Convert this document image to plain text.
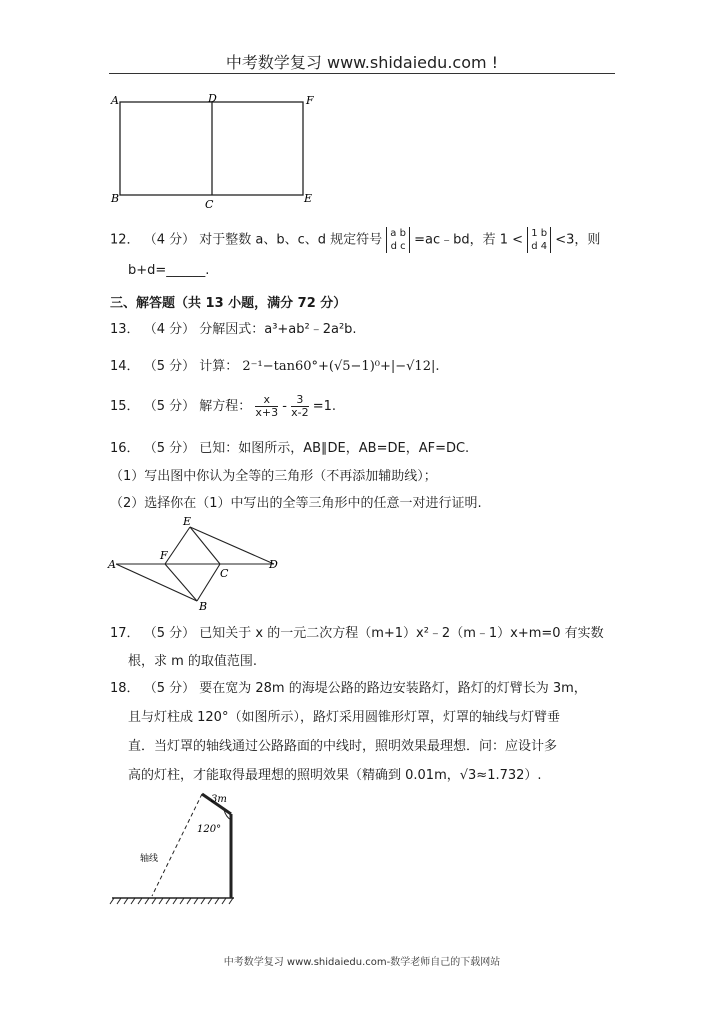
中考数学复习 www.shidaiedu.com !
A	D	F
B	C	E
12． （4 分） 对于整数 a、b、c、d 规定符号 a b
d c =ac﹣bd，若 1 < 1 b
d 4 <3，则
b+d=______.
三、解答题（共 13 小题，满分 72 分）
13． （4 分） 分解因式：a³+ab²﹣2a²b.
14． （5 分） 计算： 2⁻¹−tan60°+(√5−1)⁰+|−√12|.
15． （5 分） 解方程： $\frac{x}{x+3} - \frac{3}{x-2} =1$.
16． （5 分） 已知：如图所示，AB∥DE，AB=DE，AF=DC.
（1）写出图中你认为全等的三角形（不再添加辅助线）；
（2）选择你在（1）中写出的全等三角形中的任意一对进行证明.
A
B
C
D
E
F
17． （5 分） 已知关于 x 的一元二次方程（m+1）x²﹣2（m﹣1）x+m=0 有实数
根，求 m 的取值范围.
18． （5 分） 要在宽为 28m 的海堤公路的路边安装路灯，路灯的灯臂长为 3m，
且与灯柱成 120°（如图所示），路灯采用圆锥形灯罩，灯罩的轴线与灯臂垂
直．当灯罩的轴线通过公路路面的中线时，照明效果最理想．问：应设计多
高的灯柱，才能取得最理想的照明效果（精确到 0.01m，√3≈1.732）.
3m
120°
轴线
中考数学复习 www.shidaiedu.com-数学老师自己的下载网站
